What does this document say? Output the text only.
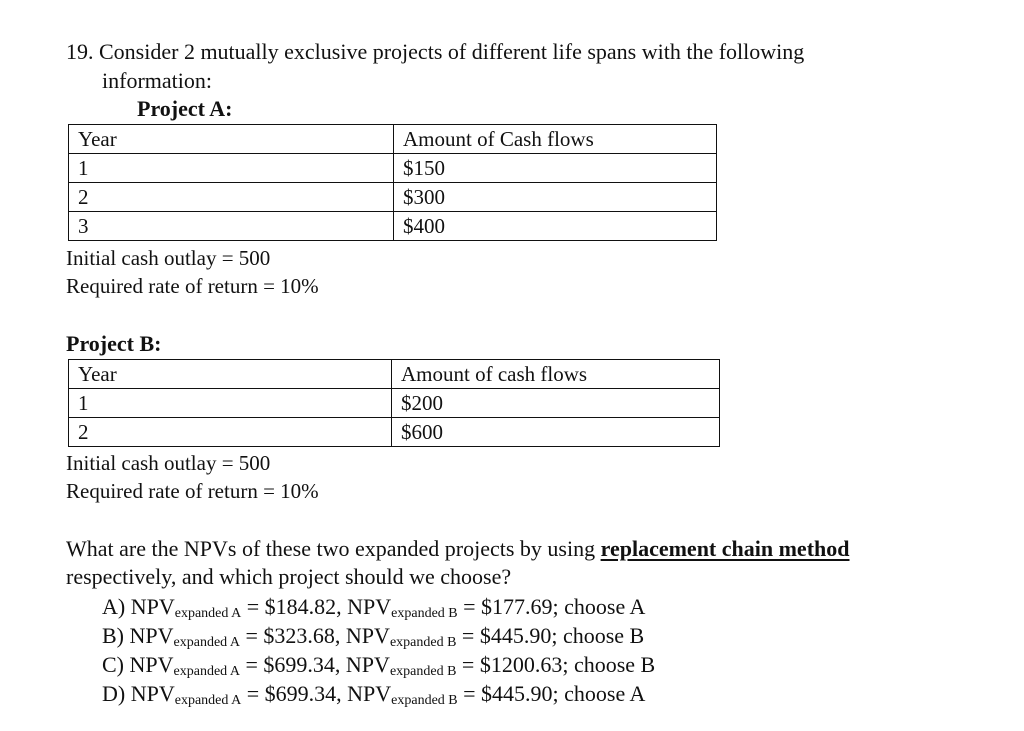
19. Consider 2 mutually exclusive projects of different life spans with the following
information:
Project A:
Year	Amount of Cash flows
1	$150
2	$300
3	$400
Initial cash outlay = 500
Required rate of return = 10%
Project B:
Year	Amount of cash flows
1	$200
2	$600
Initial cash outlay = 500
Required rate of return = 10%
What are the NPVs of these two expanded projects by using replacement chain method
respectively, and which project should we choose?
A) $NPV_{expanded A}$ = $184.82, $NPV_{expanded B}$ = $177.69; choose A
B) $NPV_{expanded A}$ = $323.68, $NPV_{expanded B}$ = $445.90; choose B
C) $NPV_{expanded A}$ = $699.34, $NPV_{expanded B}$ = $1200.63; choose B
D) $NPV_{expanded A}$ = $699.34, $NPV_{expanded B}$ = $445.90; choose A
